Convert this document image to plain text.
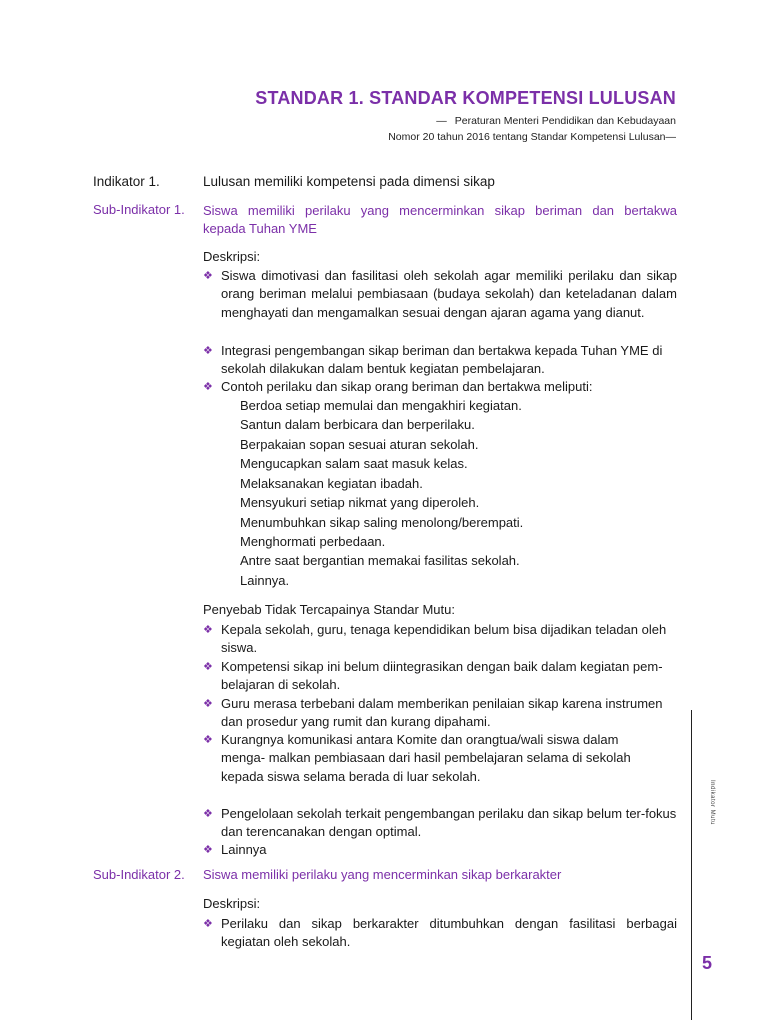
STANDAR 1. STANDAR KOMPETENSI LULUSAN
— Peraturan Menteri Pendidikan dan Kebudayaan
Nomor 20 tahun 2016 tentang Standar Kompetensi Lulusan—
Indikator 1.	Lulusan memiliki kompetensi pada dimensi sikap
Sub-Indikator 1. Siswa memiliki perilaku yang mencerminkan sikap beriman dan bertakwa
kepada Tuhan YME
Deskripsi:
❖ Siswa dimotivasi dan fasilitasi oleh sekolah agar memiliki perilaku dan sikap orang beriman melalui pembiasaan (budaya sekolah) dan keteladanan dalam menghayati dan mengamalkan sesuai dengan ajaran agama yang dianut.
❖ Integrasi pengembangan sikap beriman dan bertakwa kepada Tuhan YME di sekolah dilakukan dalam bentuk kegiatan pembelajaran.
❖ Contoh perilaku dan sikap orang beriman dan bertakwa meliputi:
Berdoa setiap memulai dan mengakhiri kegiatan.
Santun dalam berbicara dan berperilaku.
Berpakaian sopan sesuai aturan sekolah.
Mengucapkan salam saat masuk kelas.
Melaksanakan kegiatan ibadah.
Mensyukuri setiap nikmat yang diperoleh.
Menumbuhkan sikap saling menolong/berempati.
Menghormati perbedaan.
Antre saat bergantian memakai fasilitas sekolah.
Lainnya.
Penyebab Tidak Tercapainya Standar Mutu:
❖ Kepala sekolah, guru, tenaga kependidikan belum bisa dijadikan teladan oleh siswa.
❖ Kompetensi sikap ini belum diintegrasikan dengan baik dalam kegiatan pem-belajaran di sekolah.
❖ Guru merasa terbebani dalam memberikan penilaian sikap karena instrumen dan prosedur yang rumit dan kurang dipahami.
❖ Kurangnya komunikasi antara Komite dan orangtua/wali siswa dalam menga- malkan pembiasaan dari hasil pembelajaran selama di sekolah kepada siswa selama berada di luar sekolah.
❖ Pengelolaan sekolah terkait pengembangan perilaku dan sikap belum ter-fokus dan terencanakan dengan optimal.
❖ Lainnya
Sub-Indikator 2. Siswa memiliki perilaku yang mencerminkan sikap berkarakter
Deskripsi:
❖ Perilaku dan sikap berkarakter ditumbuhkan dengan fasilitasi berbagai kegiatan oleh sekolah.
Indikator Mutu
5
